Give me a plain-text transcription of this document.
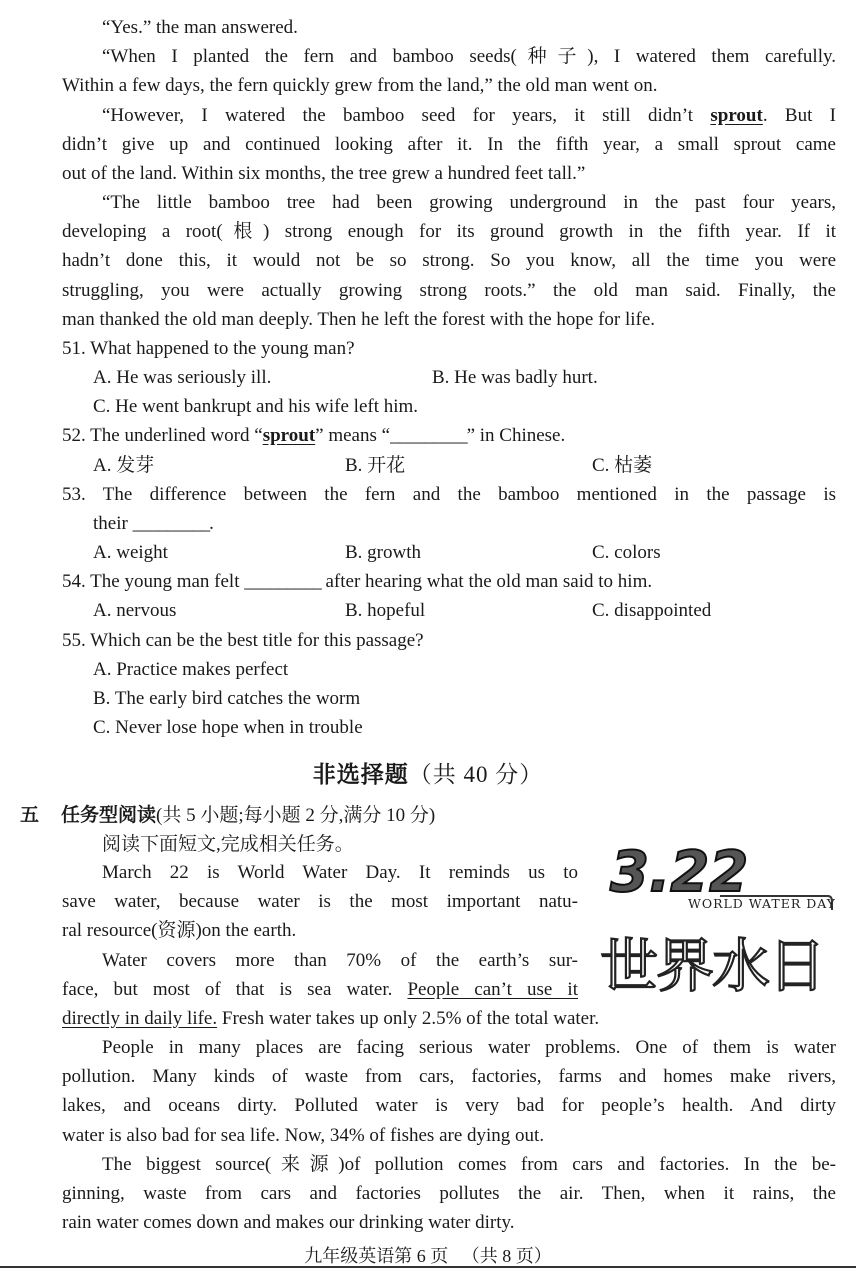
“Yes.” the man answered.
“When I planted the fern and bamboo seeds(种子), I watered them carefully.
Within a few days, the fern quickly grew from the land,” the old man went on.
“However, I watered the bamboo seed for years, it still didn’t sprout. But I
didn’t give up and continued looking after it. In the fifth year, a small sprout came
out of the land. Within six months, the tree grew a hundred feet tall.”
“The little bamboo tree had been growing underground in the past four years,
developing a root(根) strong enough for its ground growth in the fifth year. If it
hadn’t done this, it would not be so strong. So you know, all the time you were
struggling, you were actually growing strong roots.” the old man said. Finally, the
man thanked the old man deeply. Then he left the forest with the hope for life.
51. What happened to the young man?
A. He was seriously ill.	B. He was badly hurt.
C. He went bankrupt and his wife left him.
52. The underlined word “sprout” means “_________” in Chinese.
A. 发芽	B. 开花	C. 枯萎
53. The difference between the fern and the bamboo mentioned in the passage is
their _________.
A. weight	B. growth	C. colors
54. The young man felt _________ after hearing what the old man said to him.
A. nervous	B. hopeful	C. disappointed
55. Which can be the best title for this passage?
A. Practice makes perfect
B. The early bird catches the worm
C. Never lose hope when in trouble
非选择题（共 40 分）
五 任务型阅读(共 5 小题;每小题 2 分,满分 10 分)
阅读下面短文,完成相关任务。	3.22
WORLD WATER DAY
世界水日
March 22 is World Water Day. It reminds us to
save water, because water is the most important natu-
ral resource(资源)on the earth.
Water covers more than 70% of the earth’s sur-
face, but most of that is sea water. People can’t use it
directly in daily life. Fresh water takes up only 2.5% of the total water.
People in many places are facing serious water problems. One of them is water
pollution. Many kinds of waste from cars, factories, farms and homes make rivers,
lakes, and oceans dirty. Polluted water is very bad for people’s health. And dirty
water is also bad for sea life. Now, 34% of fishes are dying out.
The biggest source(来源)of pollution comes from cars and factories. In the be-
ginning, waste from cars and factories pollutes the air. Then, when it rains, the
rain water comes down and makes our drinking water dirty.
九年级英语第 6 页 （共 8 页）
